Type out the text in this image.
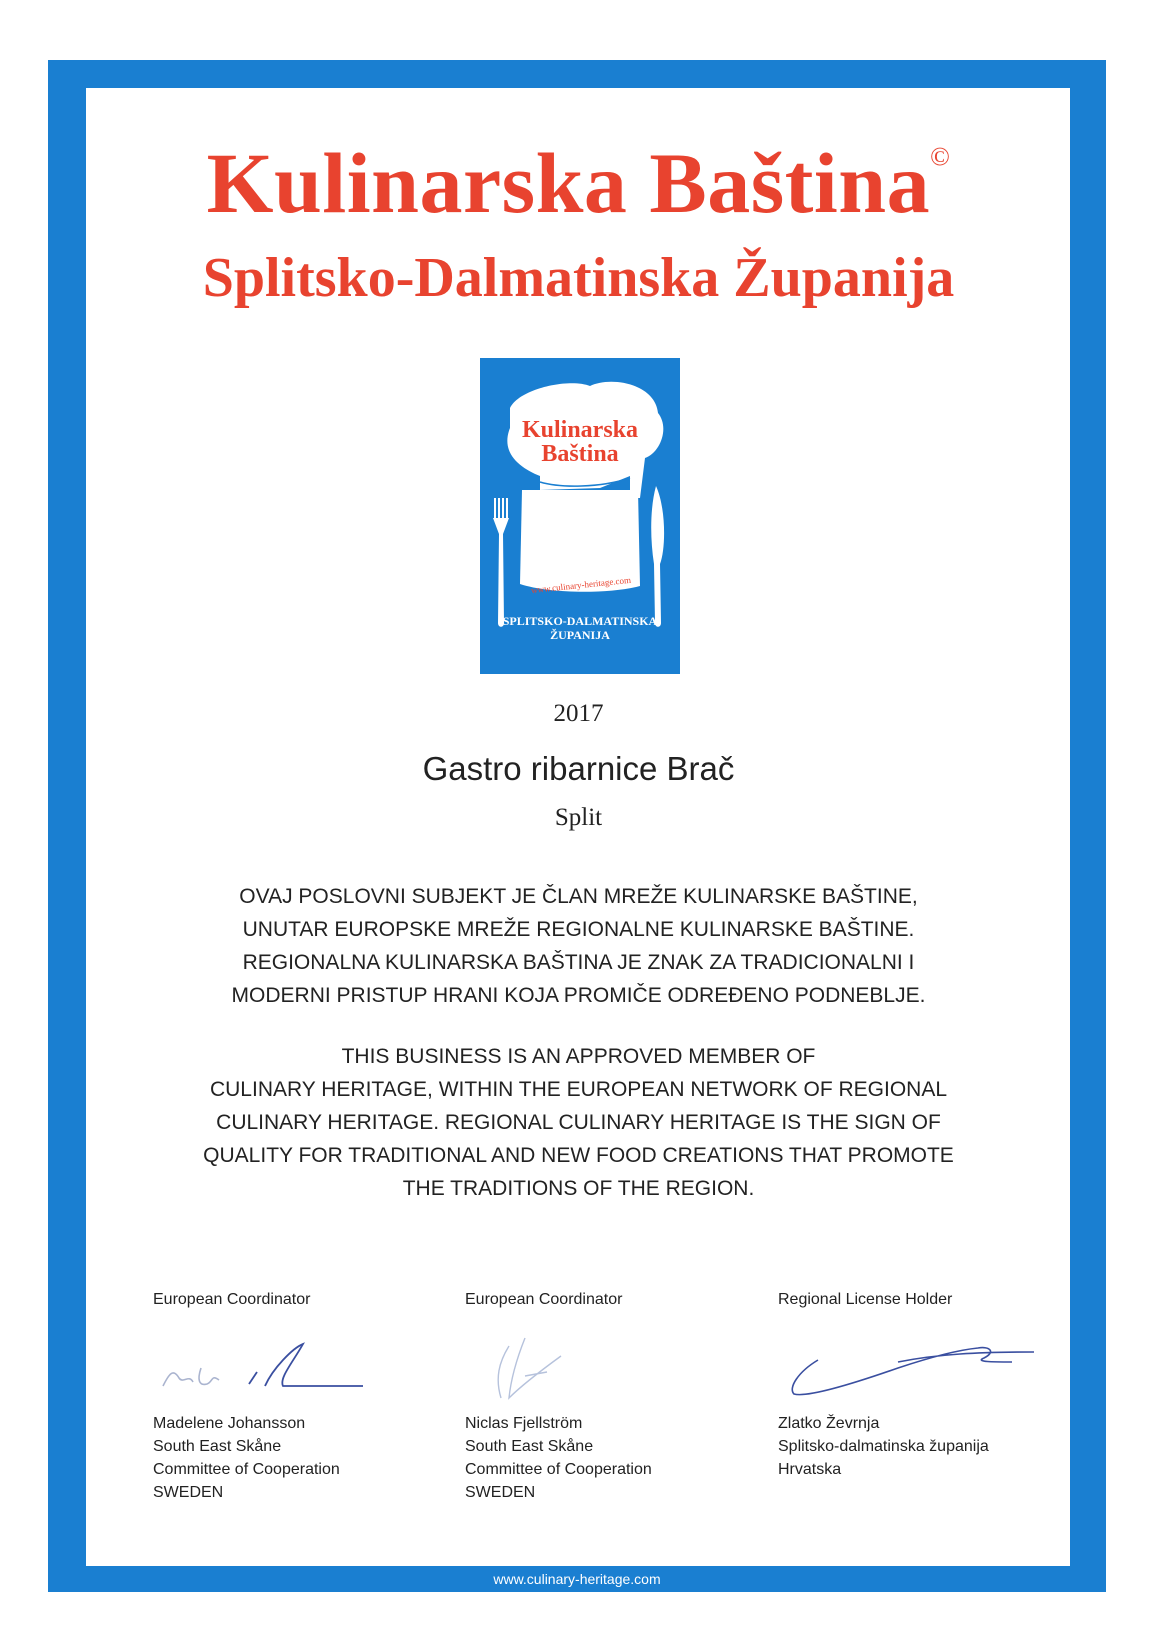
www.culinary-heritage.com
Kulinarska Baština©
Splitsko-Dalmatinska Županija
Kulinarska
Baština
www.culinary-heritage.com
SPLITSKO-DALMATINSKA
ŽUPANIJA
2017
Gastro ribarnice Brač
Split
OVAJ POSLOVNI SUBJEKT JE ČLAN MREŽE KULINARSKE BAŠTINE,
UNUTAR EUROPSKE MREŽE REGIONALNE KULINARSKE BAŠTINE.
REGIONALNA KULINARSKA BAŠTINA JE ZNAK ZA TRADICIONALNI I
MODERNI PRISTUP HRANI KOJA PROMIČE ODREĐENO PODNEBLJE.
THIS BUSINESS IS AN APPROVED MEMBER OF
CULINARY HERITAGE, WITHIN THE EUROPEAN NETWORK OF REGIONAL
CULINARY HERITAGE. REGIONAL CULINARY HERITAGE IS THE SIGN OF
QUALITY FOR TRADITIONAL AND NEW FOOD CREATIONS THAT PROMOTE
THE TRADITIONS OF THE REGION.
European Coordinator
Madelene Johansson
South East Skåne
Committee of Cooperation
SWEDEN
European Coordinator
Niclas Fjellström
South East Skåne
Committee of Cooperation
SWEDEN
Regional License Holder
Zlatko Ževrnja
Splitsko-dalmatinska županija
Hrvatska
